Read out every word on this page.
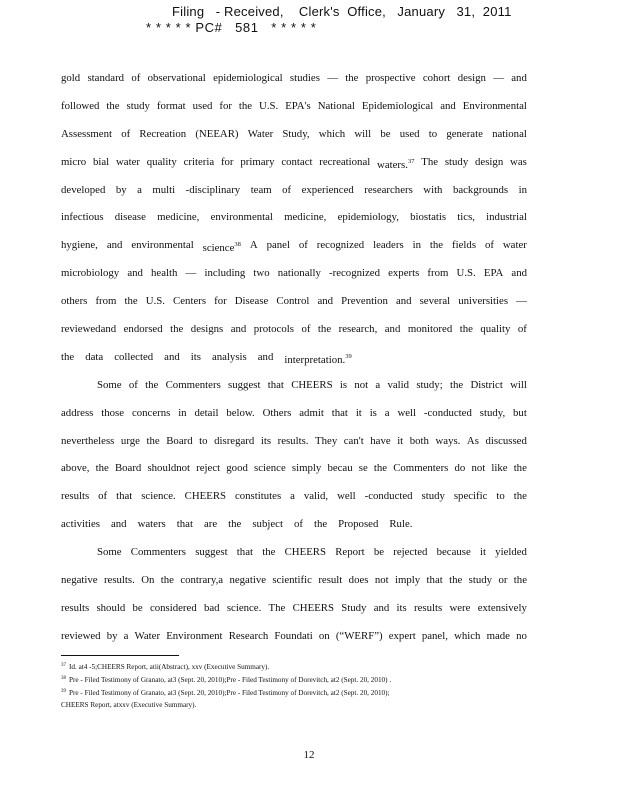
Filing   - Received,    Clerk's  Office,   January   31,  2011
* * * * * PC#   581   * * * * *
gold standard of observational epidemiological studies — the prospective cohort design — and
followed the study format used for the U.S. EPA's National Epidemiological and Environmental
Assessment of Recreation (NEEAR) Water Study, which will be used to generate national
micro bial water quality criteria for primary contact recreational waters.$^{37}$ The study design was
developed by a multi -disciplinary team of experienced researchers with backgrounds in
infectious disease medicine, environmental medicine, epidemiology, biostatis tics, industrial
hygiene, and environmental science$^{38}$ A panel of recognized leaders in the fields of water
microbiology and health — including two nationally -recognized experts from U.S. EPA and
others from the U.S. Centers for Disease Control and Prevention and several universities —
reviewedand endorsed the designs and protocols of the research, and monitored the quality of
the data collected and its analysis and interpretation.$^{39}$
Some of the Commenters suggest that CHEERS is not a valid study; the District will
address those concerns in detail below. Others admit that it is a well -conducted study, but
nevertheless urge the Board to disregard its results. They can't have it both ways. As discussed
above, the Board shouldnot reject good science simply becau se the Commenters do not like the
results of that science. CHEERS constitutes a valid, well -conducted study specific to the
activities and waters that are the subject of the Proposed Rule.
Some Commenters suggest that the CHEERS Report be rejected because it yielded
negative results. On the contrary,a negative scientific result does not imply that the study or the
results should be considered bad science. The CHEERS Study and its results were extensively
reviewed by a Water Environment Research Foundati on (“WERF”) expert panel, which made no
$^{37}$ Id. at4 -5;CHEERS Report, atii(Abstract), xxv (Executive Summary).
$^{38}$ Pre - Filed Testimony of Granato, at3 (Sept. 20, 2010);Pre - Filed Testimony of Dorevitch, at2 (Sept. 20, 2010) .
$^{39}$ Pre - Filed Testimony of Granato, at3 (Sept. 20, 2010);Pre - Filed Testimony of Dorevitch, at2 (Sept. 20, 2010);
CHEERS Report, atxxv (Executive Summary).
12
